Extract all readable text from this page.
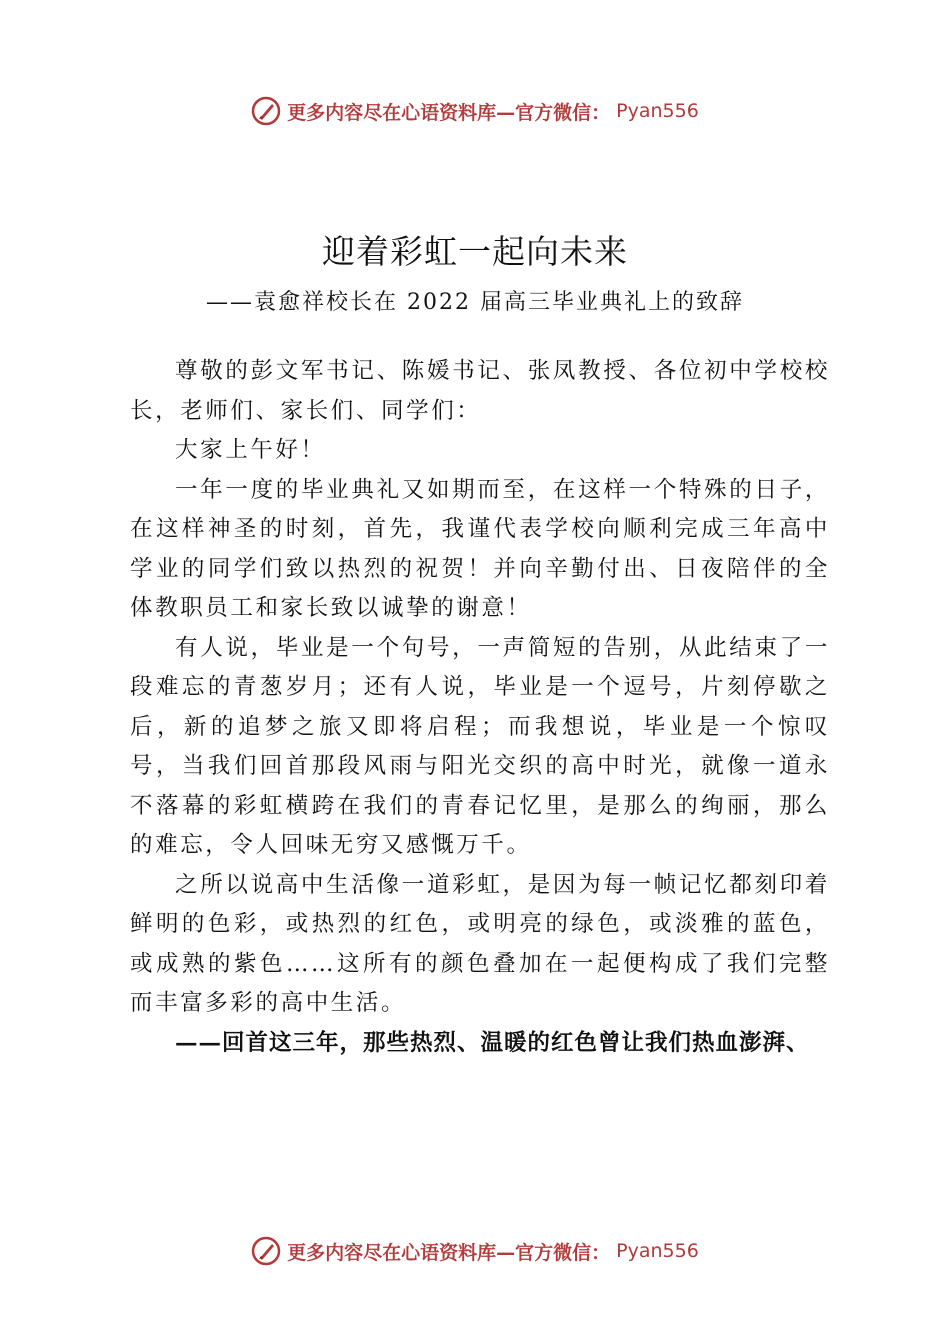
更多内容尽在心语资料库—官方微信： Pyan556
迎着彩虹一起向未来
——袁愈祥校长在 2022 届高三毕业典礼上的致辞

尊敬的彭文军书记、陈媛书记、张凤教授、各位初中学校校长，老师们、家长们、同学们：

大家上午好！

一年一度的毕业典礼又如期而至，在这样一个特殊的日子，在这样神圣的时刻，首先，我谨代表学校向顺利完成三年高中学业的同学们致以热烈的祝贺！并向辛勤付出、日夜陪伴的全体教职员工和家长致以诚挚的谢意！

有人说，毕业是一个句号，一声简短的告别，从此结束了一段难忘的青葱岁月；还有人说，毕业是一个逗号，片刻停歇之后，新的追梦之旅又即将启程；而我想说，毕业是一个惊叹号，当我们回首那段风雨与阳光交织的高中时光，就像一道永不落幕的彩虹横跨在我们的青春记忆里，是那么的绚丽，那么的难忘，令人回味无穷又感慨万千。

之所以说高中生活像一道彩虹，是因为每一帧记忆都刻印着鲜明的色彩，或热烈的红色，或明亮的绿色，或淡雅的蓝色，或成熟的紫色……这所有的颜色叠加在一起便构成了我们完整而丰富多彩的高中生活。

——回首这三年，那些热烈、温暖的红色曾让我们热血澎湃、

更多内容尽在心语资料库—官方微信： Pyan556
